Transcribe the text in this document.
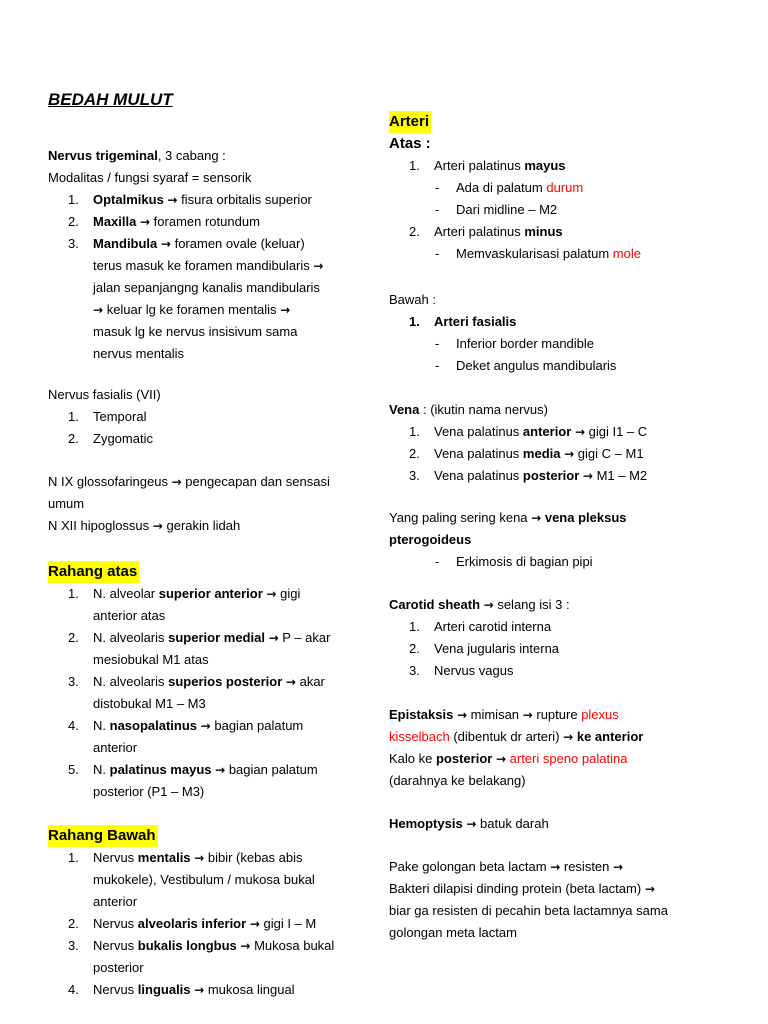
BEDAH MULUT
Nervus trigeminal, 3 cabang :
Modalitas / fungsi syaraf = sensorik
1.	Optalmikus → fisura orbitalis superior
2.	Maxilla → foramen rotundum
3.	Mandibula → foramen ovale (keluar)
terus masuk ke foramen mandibularis →
jalan sepanjangng kanalis mandibularis
→ keluar lg ke foramen mentalis →
masuk lg ke nervus insisivum sama
nervus mentalis
Nervus fasialis (VII)
1.	Temporal
2.	Zygomatic
N IX glossofaringeus → pengecapan dan sensasi
umum
N XII hipoglossus → gerakin lidah
Rahang atas
1.	N. alveolar superior anterior → gigi
anterior atas
2.	N. alveolaris superior medial → P – akar
mesiobukal M1 atas
3.	N. alveolaris superios posterior → akar
distobukal M1 – M3
4.	N. nasopalatinus → bagian palatum
anterior
5.	N. palatinus mayus → bagian palatum
posterior (P1 – M3)
Rahang Bawah
1.	Nervus mentalis → bibir (kebas abis
mukokele), Vestibulum / mukosa bukal
anterior
2.	Nervus alveolaris inferior → gigi I – M
3.	Nervus bukalis longbus → Mukosa bukal
posterior
4.	Nervus lingualis → mukosa lingual
Arteri
Atas :
1.	Arteri palatinus mayus
- Ada di palatum durum
- Dari midline – M2
2.	Arteri palatinus minus
- Memvaskularisasi palatum mole
Bawah :
1.	Arteri fasialis
- Inferior border mandible
- Deket angulus mandibularis
Vena : (ikutin nama nervus)
1.	Vena palatinus anterior → gigi I1 – C
2.	Vena palatinus media → gigi C – M1
3.	Vena palatinus posterior → M1 – M2
Yang paling sering kena → vena pleksus
pterogoideus
- Erkimosis di bagian pipi
Carotid sheath → selang isi 3 :
1.	Arteri carotid interna
2.	Vena jugularis interna
3.	Nervus vagus
Epistaksis → mimisan → rupture plexus
kisselbach (dibentuk dr arteri) → ke anterior
Kalo ke posterior → arteri speno palatina
(darahnya ke belakang)
Hemoptysis → batuk darah
Pake golongan beta lactam → resisten →
Bakteri dilapisi dinding protein (beta lactam) →
biar ga resisten di pecahin beta lactamnya sama
golongan meta lactam
